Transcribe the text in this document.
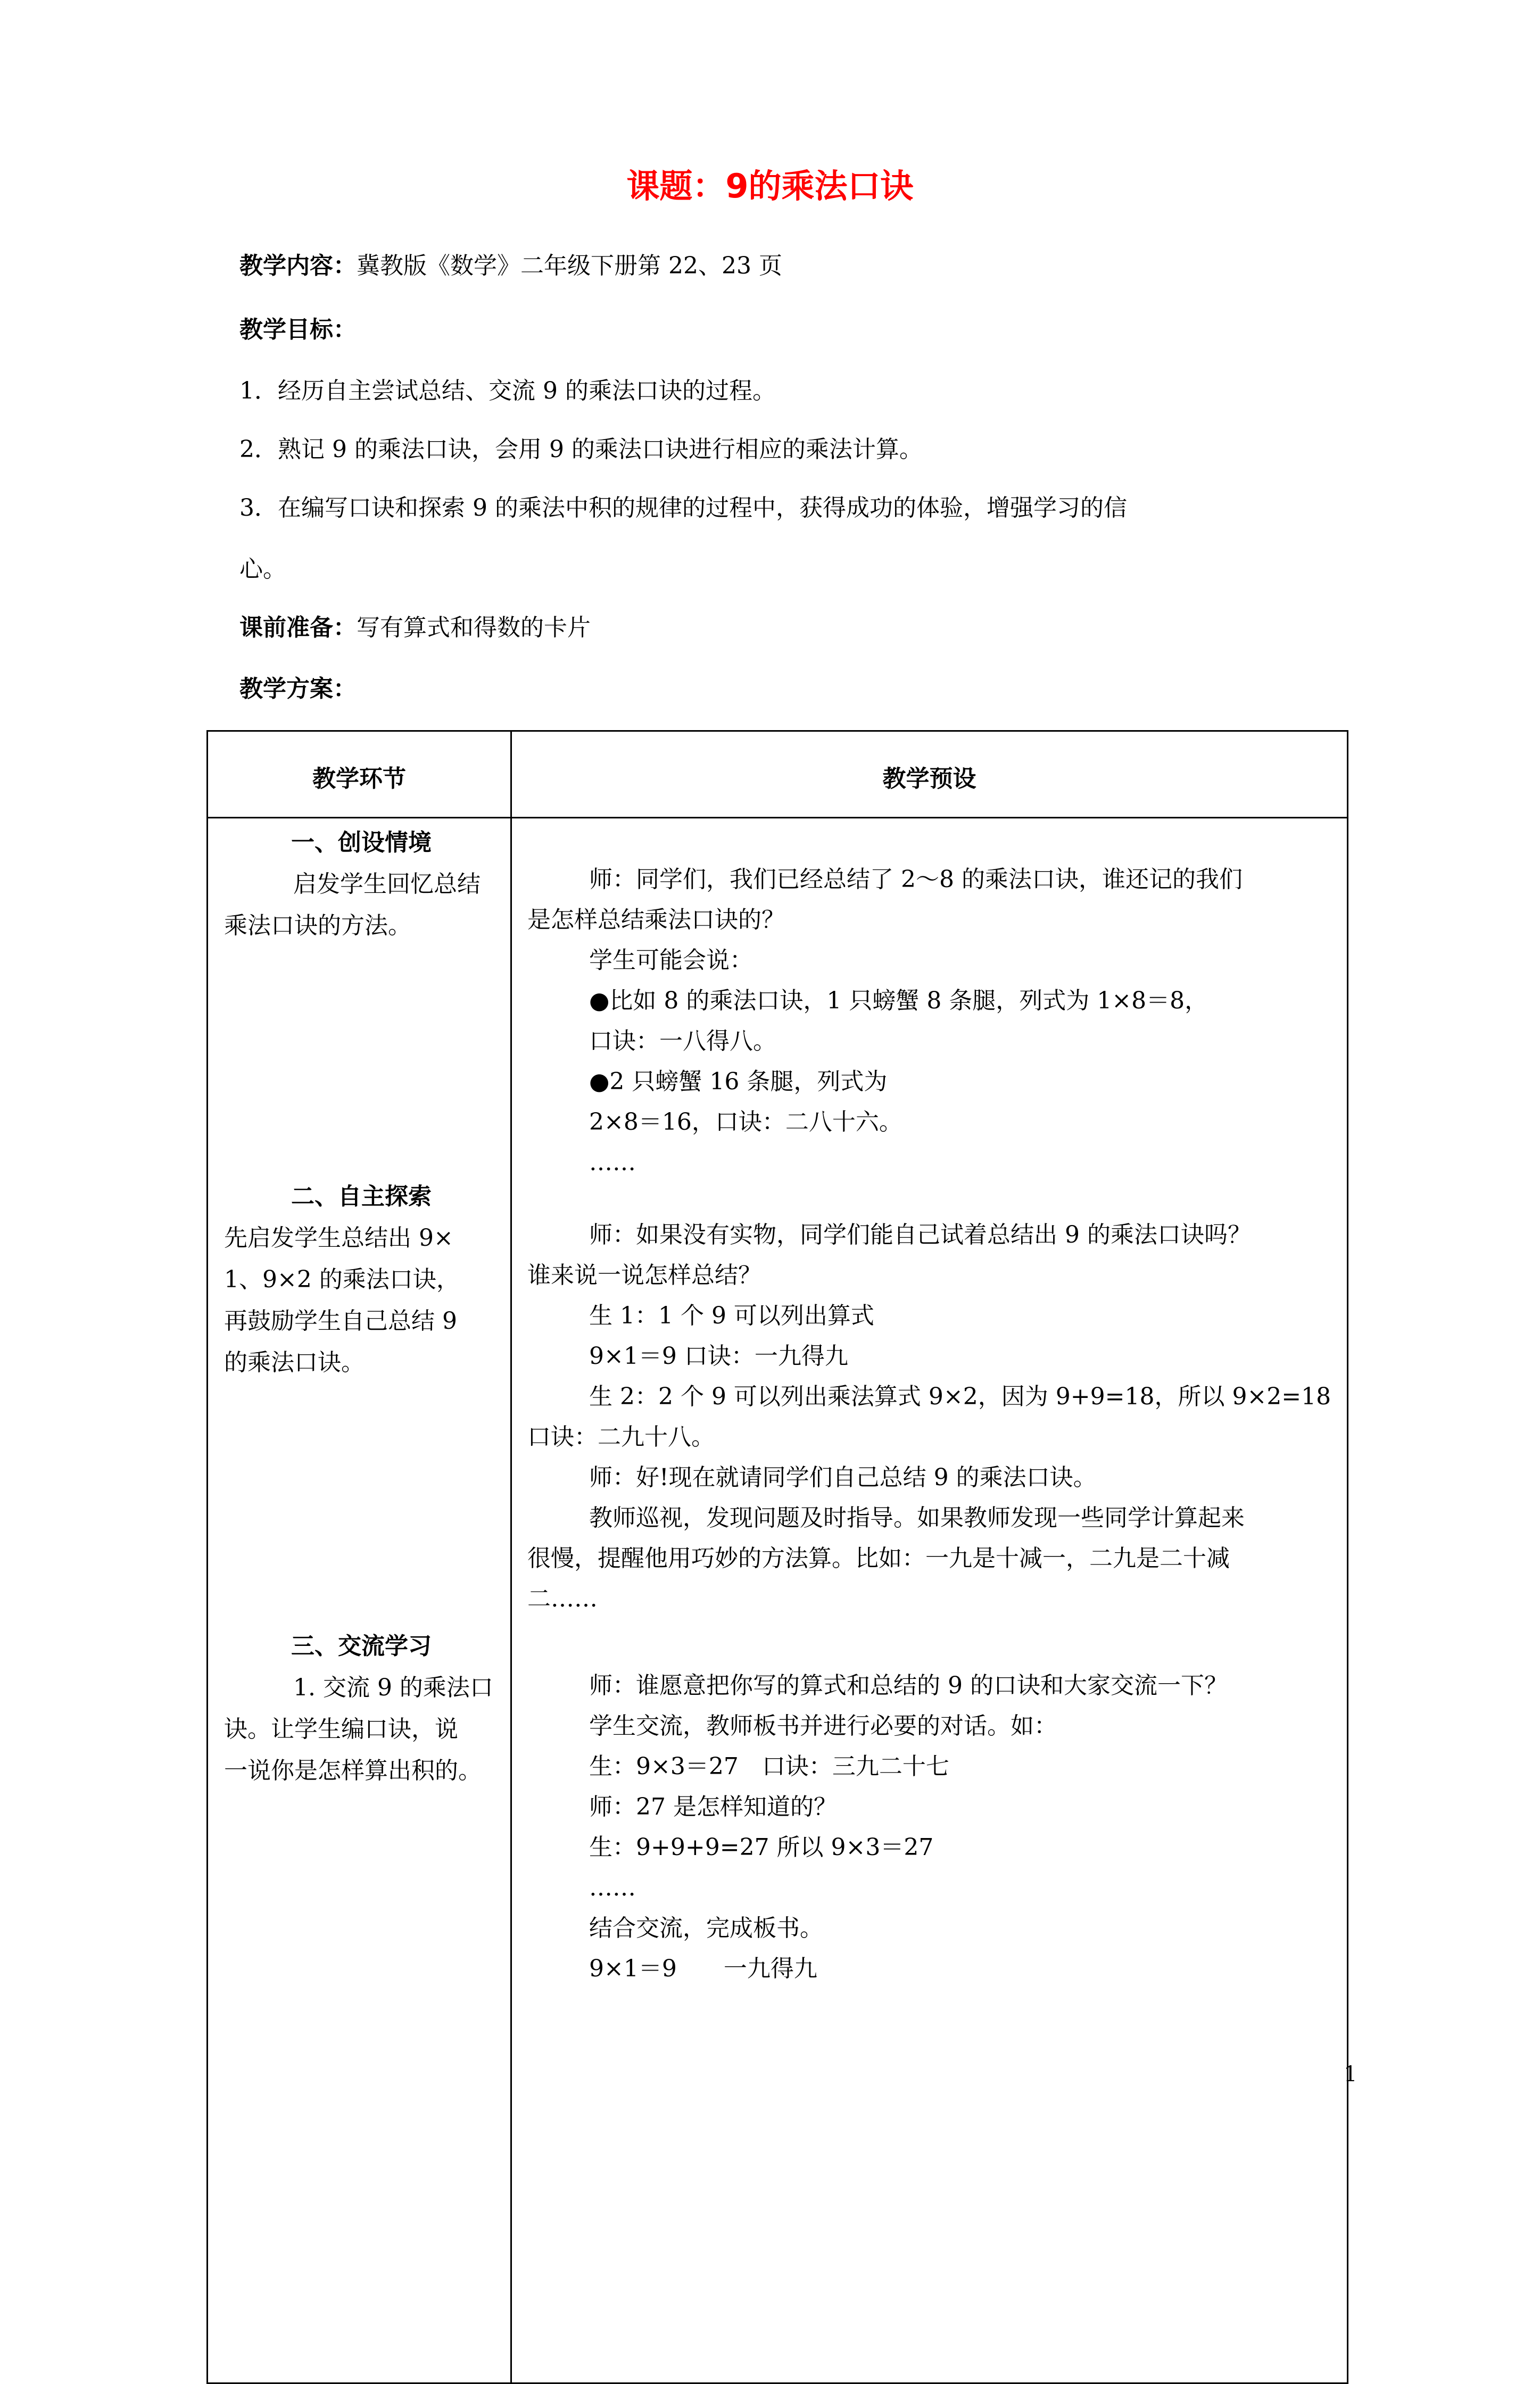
课题：9的乘法口诀
教学内容：冀教版《数学》二年级下册第 22、23 页
教学目标：
1．经历自主尝试总结、交流 9 的乘法口诀的过程。
2．熟记 9 的乘法口诀，会用 9 的乘法口诀进行相应的乘法计算。
3．在编写口诀和探索 9 的乘法中积的规律的过程中，获得成功的体验，增强学习的信
心。
课前准备：写有算式和得数的卡片
教学方案：
教学环节	教学预设
一、创设情境
启发学生回忆总结
乘法口诀的方法。
师：同学们，我们已经总结了 2～8 的乘法口诀，谁还记的我们
是怎样总结乘法口诀的？
学生可能会说：
●比如 8 的乘法口诀，1 只螃蟹 8 条腿，列式为 1×8＝8，
口诀：一八得八。
●2 只螃蟹 16 条腿，列式为
2×8＝16，口诀：二八十六。
……
二、自主探索
先启发学生总结出 9×
1、9×2 的乘法口诀，
再鼓励学生自己总结 9
的乘法口诀。
师：如果没有实物，同学们能自己试着总结出 9 的乘法口诀吗？
谁来说一说怎样总结？
生 1：1 个 9 可以列出算式
9×1＝9 口诀：一九得九
生 2：2 个 9 可以列出乘法算式 9×2，因为 9+9=18，所以 9×2=18
口诀：二九十八。
师：好!现在就请同学们自己总结 9 的乘法口诀。
教师巡视，发现问题及时指导。如果教师发现一些同学计算起来
很慢，提醒他用巧妙的方法算。比如：一九是十减一，二九是二十减
二……
三、交流学习
1. 交流 9 的乘法口
诀。让学生编口诀，说
一说你是怎样算出积的。
师：谁愿意把你写的算式和总结的 9 的口诀和大家交流一下？
学生交流，教师板书并进行必要的对话。如：
生：9×3＝27　口诀：三九二十七
师：27 是怎样知道的？
生：9+9+9=27 所以 9×3＝27
……
结合交流，完成板书。
9×1＝9　　一九得九
1
